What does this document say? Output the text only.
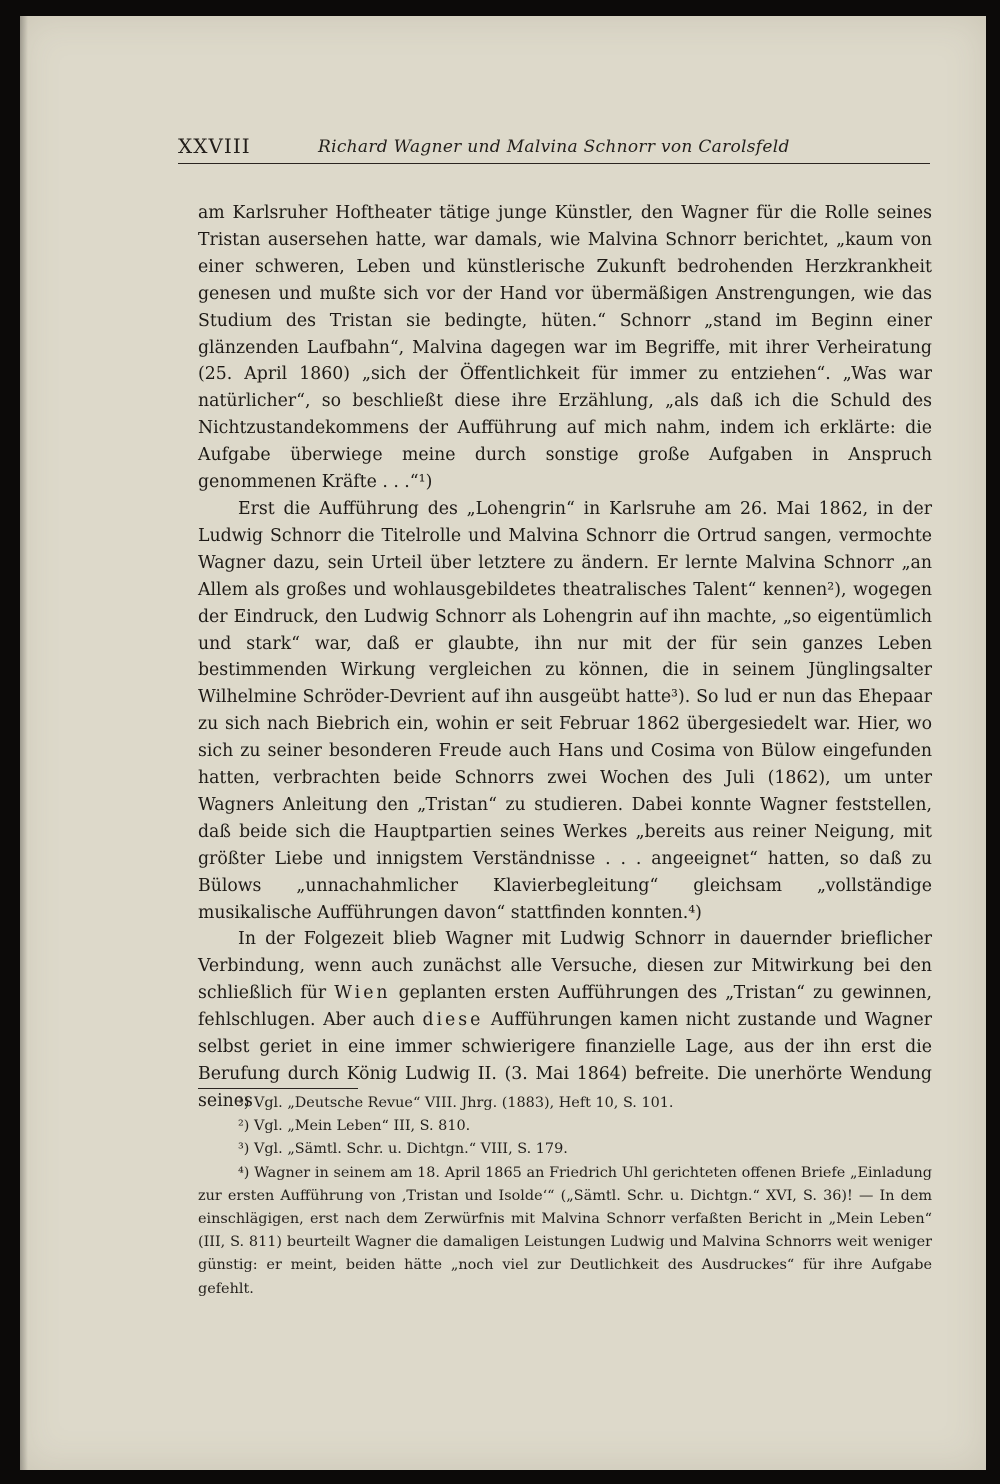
XXVIII	Richard Wagner und Malvina Schnorr von Carolsfeld

am Karlsruher Hoftheater tätige junge Künstler, den Wagner für die Rolle seines Tristan ausersehen hatte, war damals, wie Malvina Schnorr berichtet, „kaum von einer schweren, Leben und künstlerische Zukunft bedrohenden Herzkrankheit genesen und mußte sich vor der Hand vor übermäßigen Anstrengungen, wie das Studium des Tristan sie bedingte, hüten.“ Schnorr „stand im Beginn einer glänzenden Laufbahn“, Malvina dagegen war im Begriffe, mit ihrer Verheiratung (25. April 1860) „sich der Öffentlichkeit für immer zu entziehen“. „Was war natürlicher“, so beschließt diese ihre Erzählung, „als daß ich die Schuld des Nichtzustandekommens der Aufführung auf mich nahm, indem ich erklärte: die Aufgabe überwiege meine durch sonstige große Aufgaben in Anspruch genommenen Kräfte . . .“¹)

Erst die Aufführung des „Lohengrin“ in Karlsruhe am 26. Mai 1862, in der Ludwig Schnorr die Titelrolle und Malvina Schnorr die Ortrud sangen, vermochte Wagner dazu, sein Urteil über letztere zu ändern. Er lernte Malvina Schnorr „an Allem als großes und wohlausgebildetes theatralisches Talent“ kennen²), wogegen der Eindruck, den Ludwig Schnorr als Lohengrin auf ihn machte, „so eigentümlich und stark“ war, daß er glaubte, ihn nur mit der für sein ganzes Leben bestimmenden Wirkung vergleichen zu können, die in seinem Jünglingsalter Wilhelmine Schröder-Devrient auf ihn ausgeübt hatte³). So lud er nun das Ehepaar zu sich nach Biebrich ein, wohin er seit Februar 1862 übergesiedelt war. Hier, wo sich zu seiner besonderen Freude auch Hans und Cosima von Bülow eingefunden hatten, verbrachten beide Schnorrs zwei Wochen des Juli (1862), um unter Wagners Anleitung den „Tristan“ zu studieren. Dabei konnte Wagner feststellen, daß beide sich die Hauptpartien seines Werkes „bereits aus reiner Neigung, mit größter Liebe und innigstem Verständnisse . . . angeeignet“ hatten, so daß zu Bülows „unnachahmlicher Klavierbegleitung“ gleichsam „vollständige musikalische Aufführungen davon“ stattfinden konnten.⁴)

In der Folgezeit blieb Wagner mit Ludwig Schnorr in dauernder brieflicher Verbindung, wenn auch zunächst alle Versuche, diesen zur Mitwirkung bei den schließlich für Wien geplanten ersten Aufführungen des „Tristan“ zu gewinnen, fehlschlugen. Aber auch diese Aufführungen kamen nicht zustande und Wagner selbst geriet in eine immer schwierigere finanzielle Lage, aus der ihn erst die Berufung durch König Ludwig II. (3. Mai 1864) befreite. Die unerhörte Wendung seines

¹) Vgl. „Deutsche Revue“ VIII. Jhrg. (1883), Heft 10, S. 101.

²) Vgl. „Mein Leben“ III, S. 810.

³) Vgl. „Sämtl. Schr. u. Dichtgn.“ VIII, S. 179.

⁴) Wagner in seinem am 18. April 1865 an Friedrich Uhl gerichteten offenen Briefe „Einladung zur ersten Aufführung von ‚Tristan und Isolde‘“ („Sämtl. Schr. u. Dichtgn.“ XVI, S. 36)! — In dem einschlägigen, erst nach dem Zerwürfnis mit Malvina Schnorr verfaßten Bericht in „Mein Leben“ (III, S. 811) beurteilt Wagner die damaligen Leistungen Ludwig und Malvina Schnorrs weit weniger günstig: er meint, beiden hätte „noch viel zur Deutlichkeit des Ausdruckes“ für ihre Aufgabe gefehlt.
